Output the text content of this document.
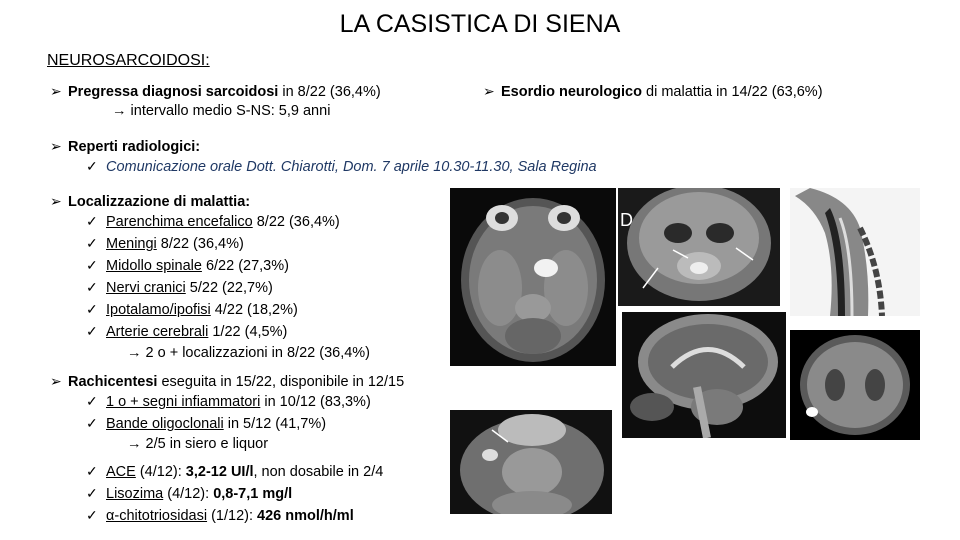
LA CASISTICA DI SIENA
NEUROSARCOIDOSI:
➢ Pregressa diagnosi sarcoidosi in 8/22 (36,4%)
→ intervallo medio S-NS: 5,9 anni
➢ Esordio neurologico di malattia in 14/22 (63,6%)
➢ Reperti radiologici:
✓ Comunicazione orale Dott. Chiarotti, Dom. 7 aprile 10.30-11.30, Sala Regina
➢ Localizzazione di malattia:
✓ Parenchima encefalico 8/22 (36,4%)
✓ Meningi 8/22 (36,4%)
✓ Midollo spinale 6/22 (27,3%)
✓ Nervi cranici 5/22 (22,7%)
✓ Ipotalamo/ipofisi 4/22 (18,2%)
✓ Arterie cerebrali 1/22 (4,5%)
→ 2 o + localizzazioni in 8/22 (36,4%)
➢ Rachicentesi eseguita in 15/22, disponibile in 12/15
✓ 1 o + segni infiammatori in 10/12 (83,3%)
✓ Bande oligoclonali in 5/12 (41,7%)
→ 2/5 in siero e liquor
✓ ACE (4/12): 3,2-12 UI/l, non dosabile in 2/4
✓ Lisozima (4/12): 0,8-7,1 mg/l
✓ α-chitotriosidasi (1/12): 426 nmol/h/ml
D
